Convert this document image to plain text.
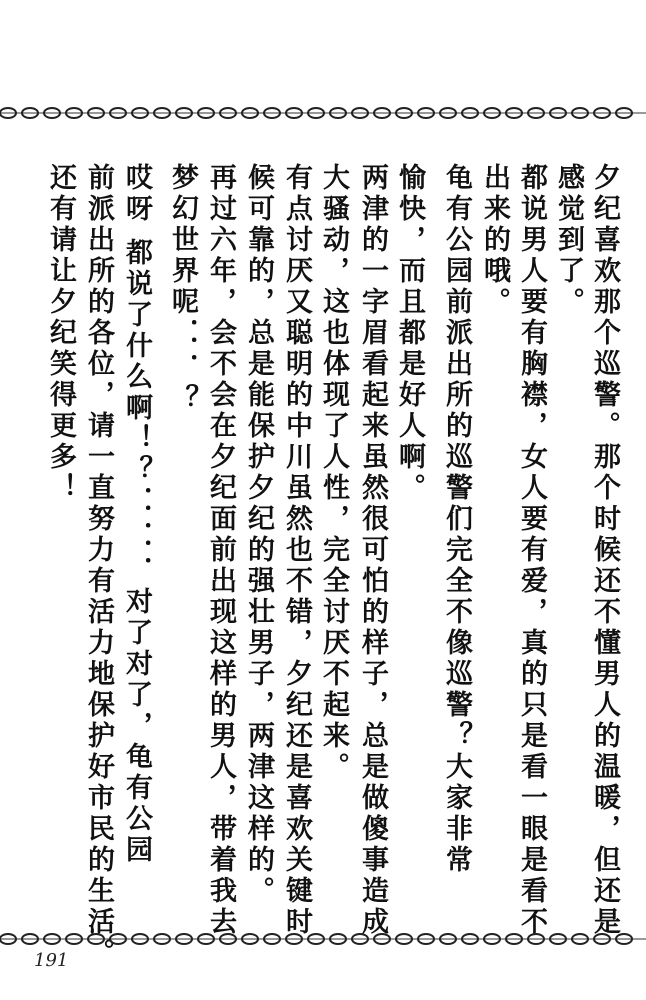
夕纪喜欢那个巡警。那个时候还不懂男人的温暖，但还是
感觉到了。
都说男人要有胸襟，女人要有爱，真的只是看一眼是看不
出来的哦。
龟有公园前派出所的巡警们完全不像巡警？大家非常
愉快，而且都是好人啊。
两津的一字眉看起来虽然很可怕的样子，总是做傻事造成
大骚动，这也体现了人性，完全讨厌不起来。
有点讨厌又聪明的中川虽然也不错，夕纪还是喜欢关键时
候可靠的，总是能保护夕纪的强壮男子，两津这样的。
再过六年，会不会在夕纪面前出现这样的男人，带着我去
梦幻世界呢．．．？
哎呀 都说了什么啊！？．．．．．对了对了，龟有公园
前派出所的各位，请一直努力有活力地保护好市民的生活。
还有请让夕纪笑得更多！
191
